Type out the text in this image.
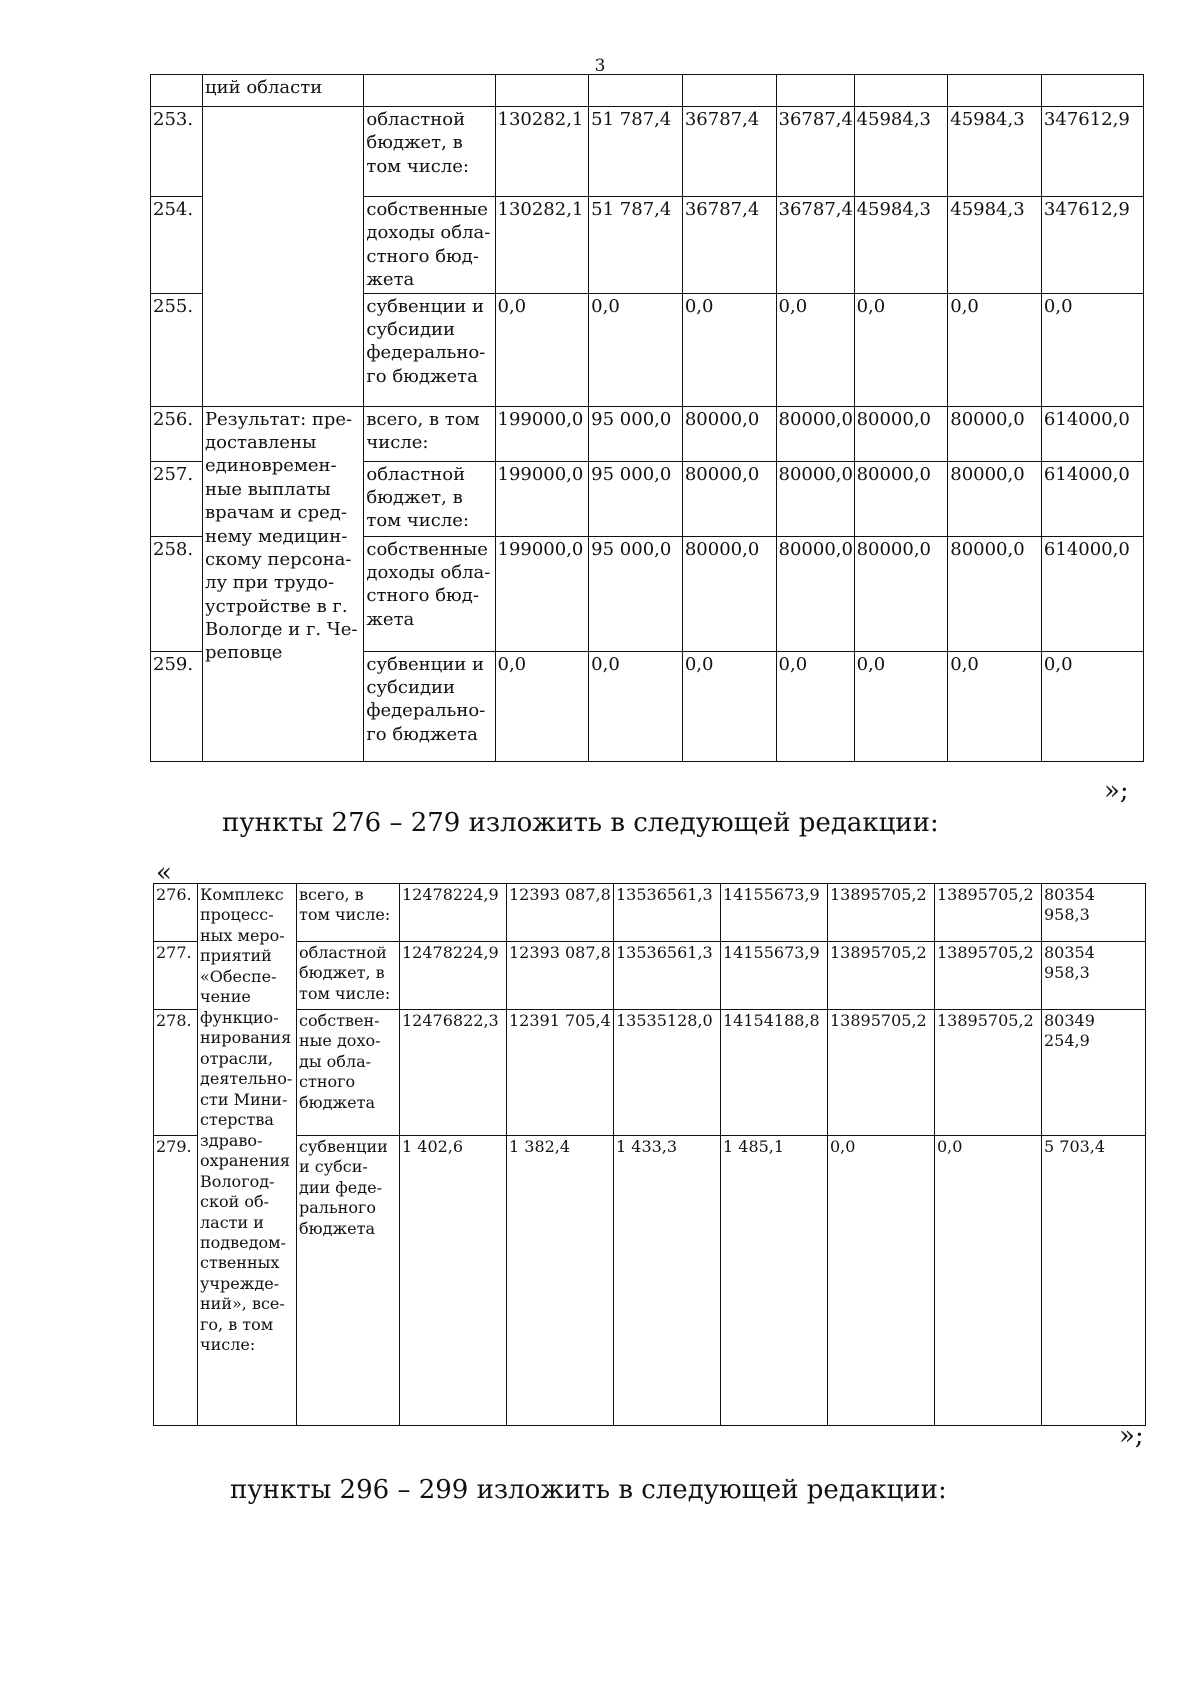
3
	ций области								
253.		областной бюджет, в том числе:	130282,1	51 787,4	36787,4	36787,4	45984,3	45984,3	347612,9
254.		собственные доходы облa-стного бюд-жета	130282,1	51 787,4	36787,4	36787,4	45984,3	45984,3	347612,9
255.		субвенции и субсидии федерально-го бюджета	0,0	0,0	0,0	0,0	0,0	0,0	0,0
256.	Результат: пре-доставлены единовремен-ные выплаты врачам и сред-нему медицин-скому персона-лу при трудо-устройстве в г. Вологде и г. Че-реповце	всего, в том числе:	199000,0	95 000,0	80000,0	80000,0	80000,0	80000,0	614000,0
257.		областной бюджет, в том числе:	199000,0	95 000,0	80000,0	80000,0	80000,0	80000,0	614000,0
258.		собственные доходы облa-стного бюд-жета	199000,0	95 000,0	80000,0	80000,0	80000,0	80000,0	614000,0
259.		субвенции и субсидии федерально-го бюджета	0,0	0,0	0,0	0,0	0,0	0,0	0,0
»;
пункты 276 – 279 изложить в следующей редакции:
«
276.	Комплекс процесс-ных меро-приятий «Обеспе-чение функцио-нирования отрасли, деятельно-сти Мини-стерства здраво-охранения Вологод-ской об-ласти и подведом-ственных учрежде-ний», все-го, в том числе:	всего, в том числе:	12478224,9	12393 087,8	13536561,3	14155673,9	13895705,2	13895705,2	80354 958,3
277.		областной бюджет, в том числе:	12478224,9	12393 087,8	13536561,3	14155673,9	13895705,2	13895705,2	80354 958,3
278.		собствен-ные дохо-ды обла-стного бюджета	12476822,3	12391 705,4	13535128,0	14154188,8	13895705,2	13895705,2	80349 254,9
279.		субвенции и субси-дии феде-рального бюджета	1 402,6	1 382,4	1 433,3	1 485,1	0,0	0,0	5 703,4
»;
пункты 296 – 299 изложить в следующей редакции:
